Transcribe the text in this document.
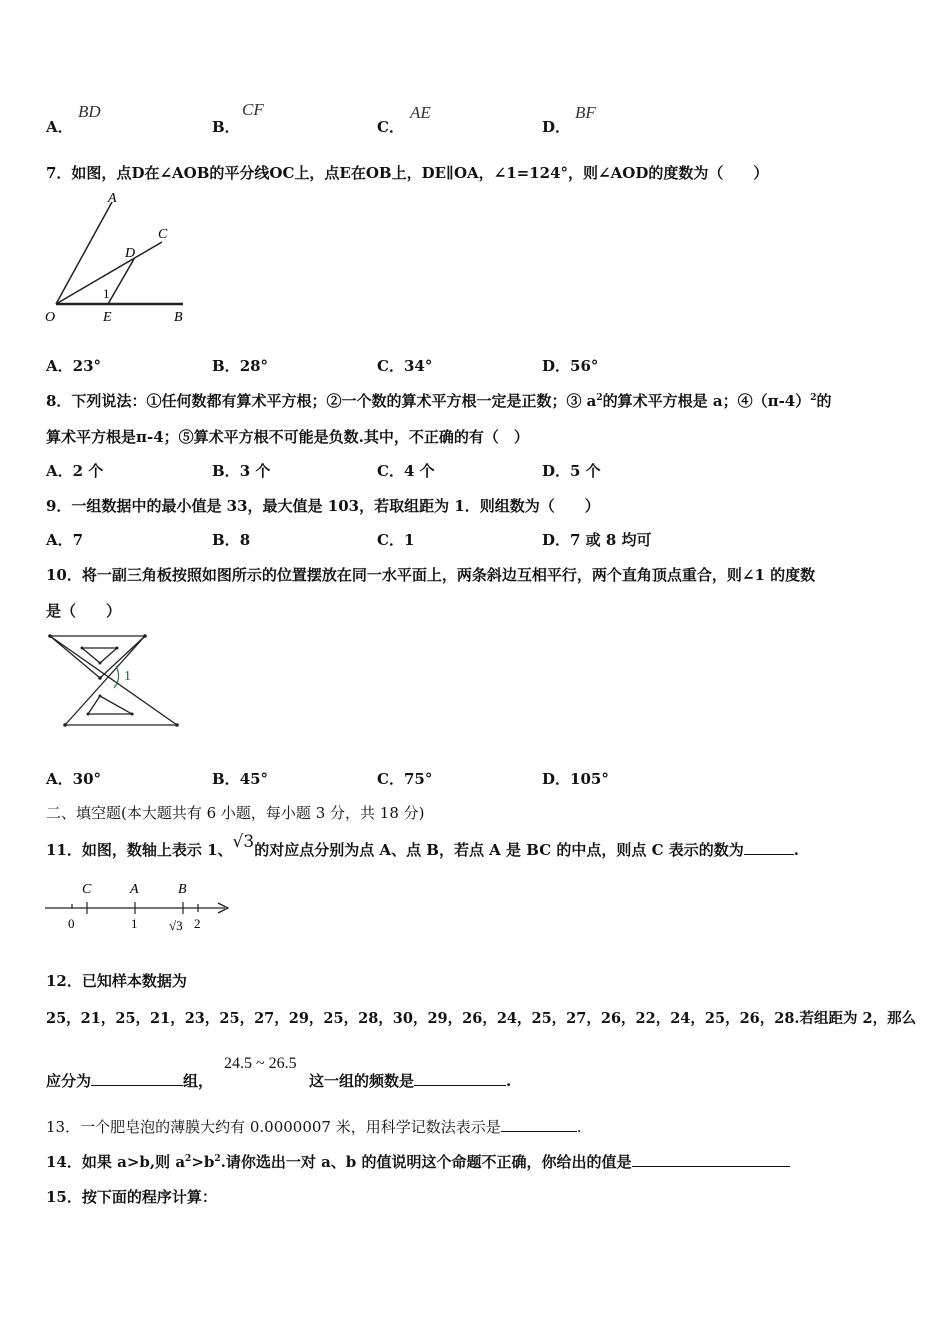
A．
BD
B．
CF
C．
AE
D．
BF
7．如图，点D在∠AOB的平分线OC上，点E在OB上，DE∥OA，∠1=124°，则∠AOD的度数为（　　）
A
C
D
O	E	B
1
A．23°	B．28°	C．34°	D．56°
8．下列说法：①任何数都有算术平方根；②一个数的算术平方根一定是正数；③ $a^2$的算术平方根是 a；$④(\pi-4)^2$的
算术平方根是π-4；⑤算术平方根不可能是负数.其中，不正确的有（　）
A．2 个	B．3 个	C．4 个	D．5 个
9．一组数据中的最小值是 33，最大值是 103，若取组距为 1．则组数为（　　）
A．7	B．8	C．1	D．7 或 8 均可
10．将一副三角板按照如图所示的位置摆放在同一水平面上，两条斜边互相平行，两个直角顶点重合，则∠1 的度数
是（　　）
1
A．30°	B．45°	C．75°	D．105°
二、填空题(本大题共有 6 小题，每小题 3 分，共 18 分)
11．如图，数轴上表示 1、√3的对应点分别为点 A、点 B，若点 A 是 BC 的中点，则点 C 表示的数为	.
C	A	B
0	1 √3 2
12．已知样本数据为
25，21，25，21，23，25，27，29，25，28，30，29，26，24，25，27，26，22，24，25，26，28.若组距为 2，那么
24.5 ~ 26.5
应分为	组，	这一组的频数是	.
13．一个肥皂泡的薄膜大约有 0.0000007 米，用科学记数法表示是	.
14．如果 a>b,则 $a^2>b^2$.请你选出一对 a、b 的值说明这个命题不正确，你给出的值是
15．按下面的程序计算：
